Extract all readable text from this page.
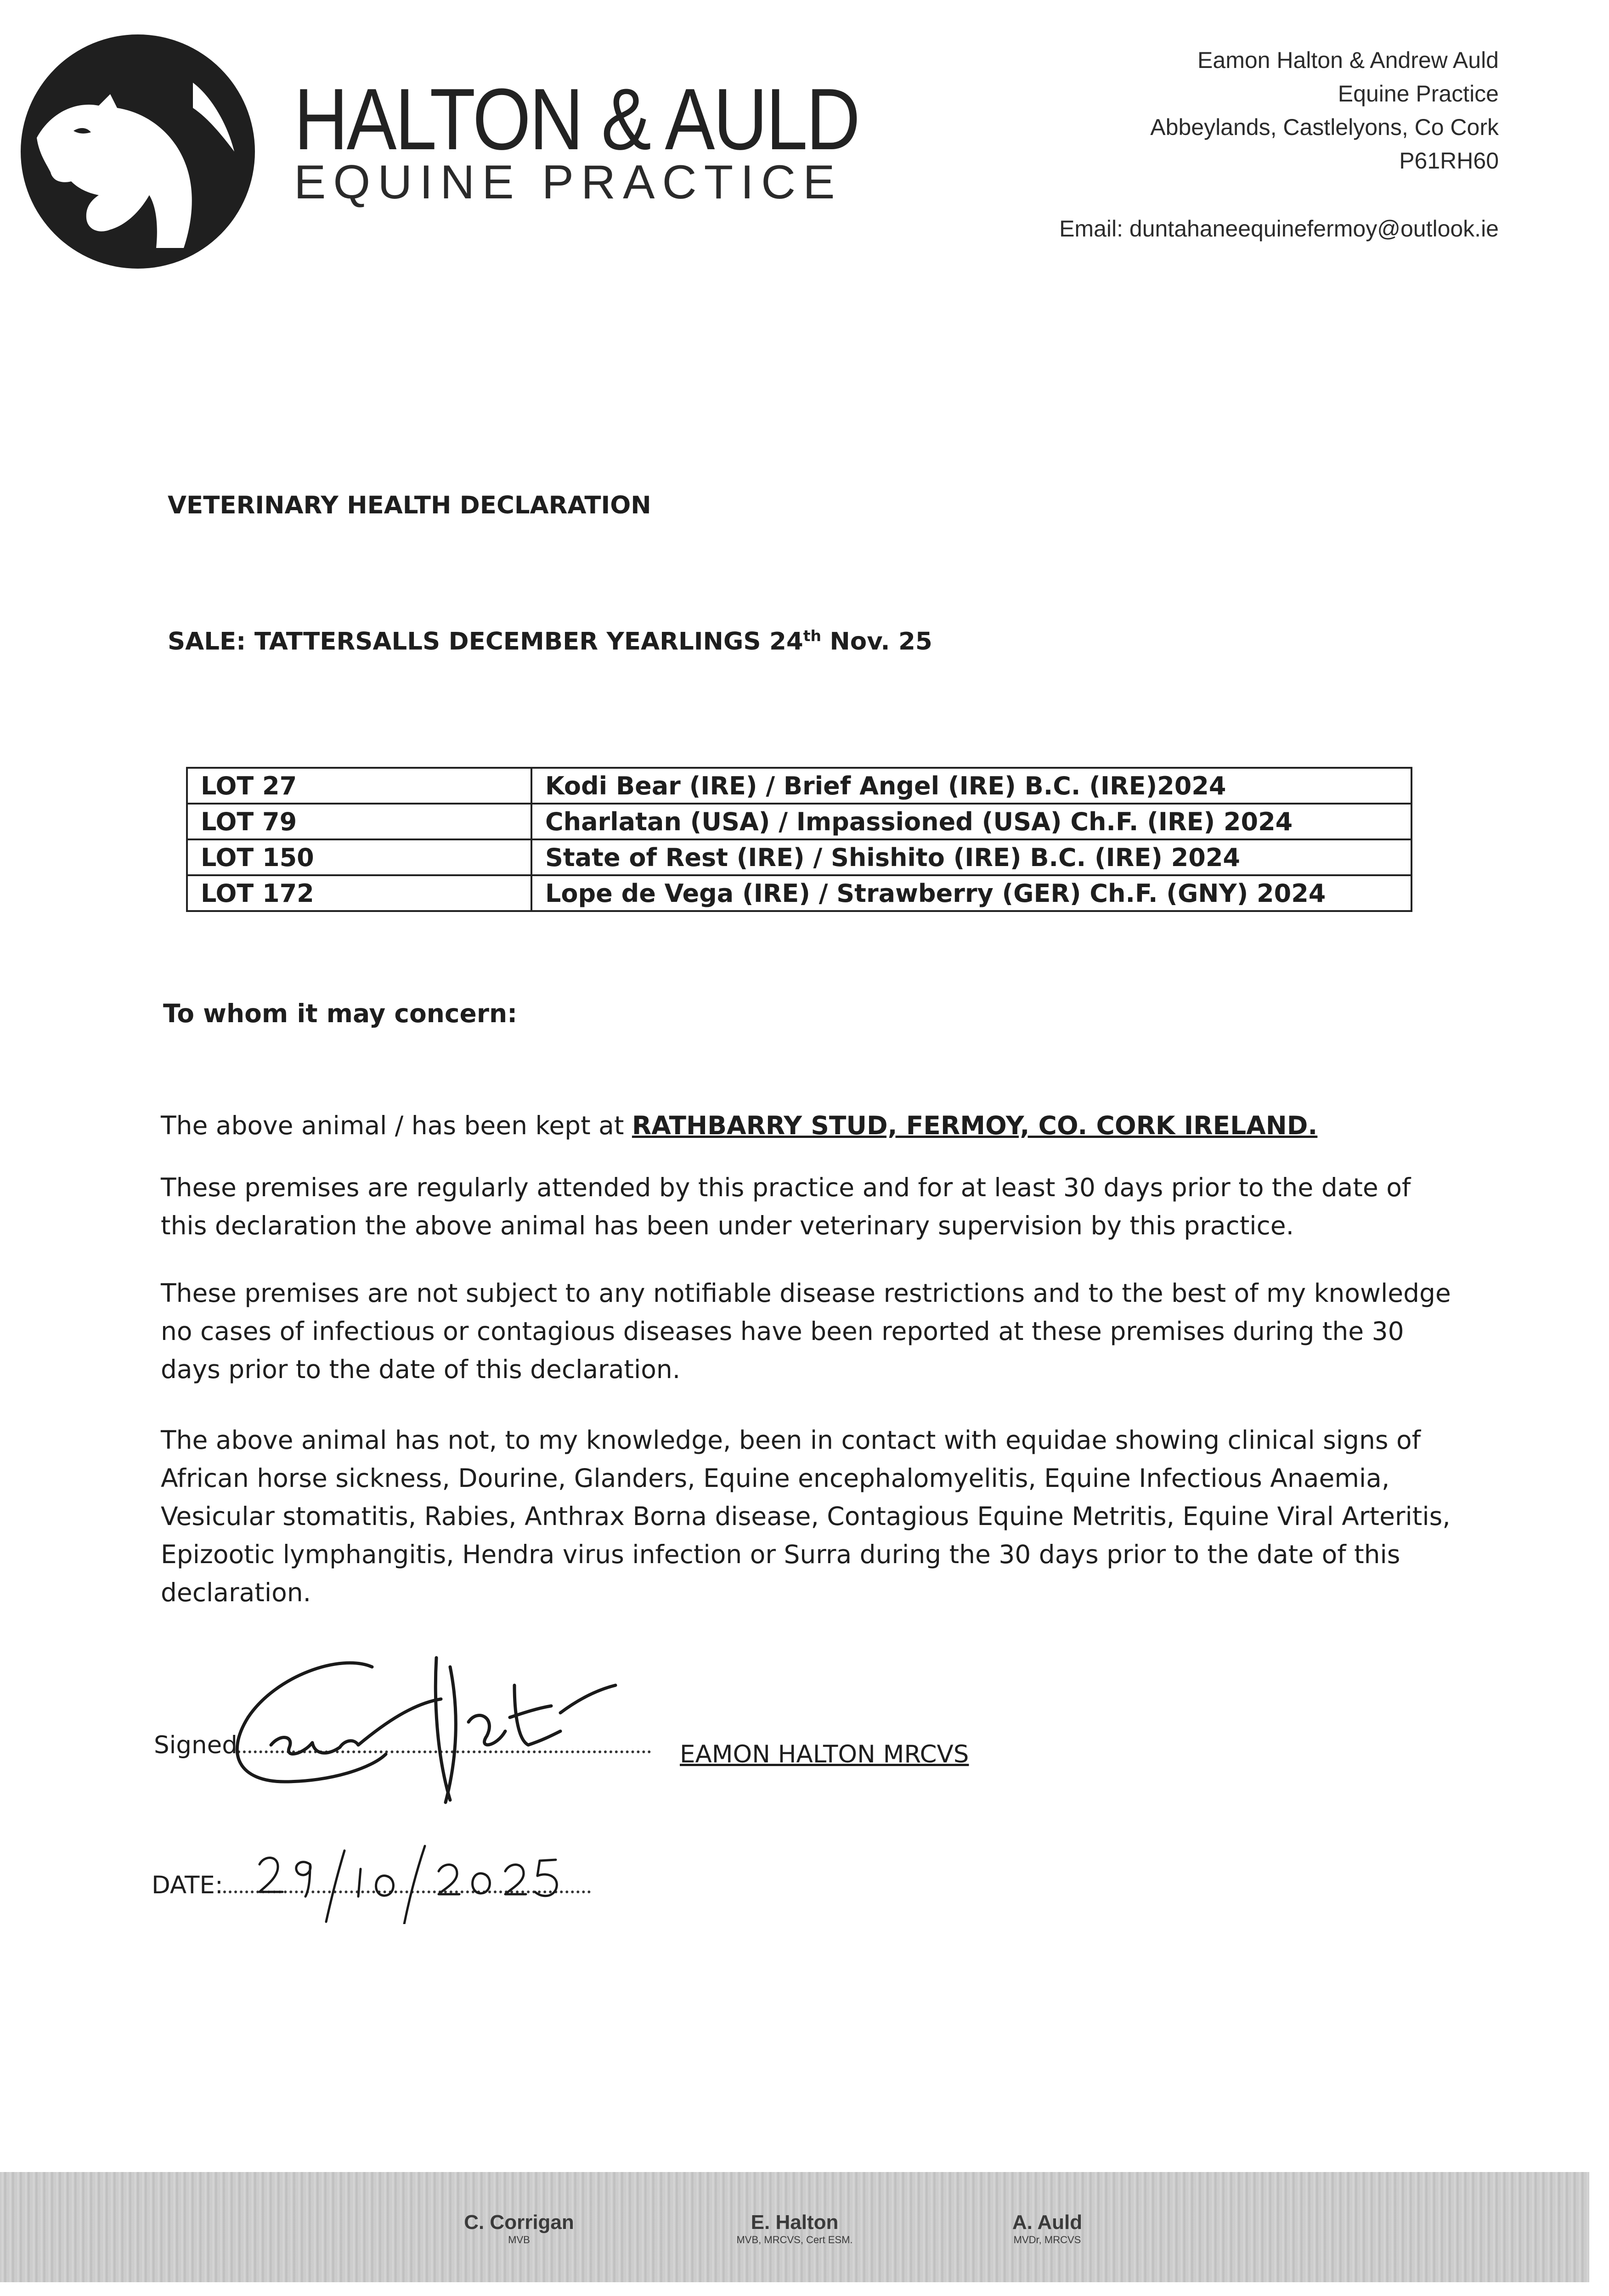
HALTON & AULD
EQUINE PRACTICE
Eamon Halton & Andrew Auld
Equine Practice
Abbeylands, Castlelyons, Co Cork
P61RH60
Email: duntahaneequinefermoy@outlook.ie
VETERINARY HEALTH DECLARATION
SALE: TATTERSALLS DECEMBER YEARLINGS 24th Nov. 25
LOT 27	Kodi Bear (IRE) / Brief Angel (IRE) B.C. (IRE)2024
LOT 79	Charlatan (USA) / Impassioned (USA) Ch.F. (IRE) 2024
LOT 150	State of Rest (IRE) / Shishito (IRE) B.C. (IRE) 2024
LOT 172	Lope de Vega (IRE) / Strawberry (GER) Ch.F. (GNY) 2024
To whom it may concern:
The above animal / has been kept at RATHBARRY STUD, FERMOY, CO. CORK IRELAND.
These premises are regularly attended by this practice and for at least 30 days prior to the date of this declaration the above animal has been under veterinary supervision by this practice.
These premises are not subject to any notifiable disease restrictions and to the best of my knowledge no cases of infectious or contagious diseases have been reported at these premises during the 30 days prior to the date of this declaration.
The above animal has not, to my knowledge, been in contact with equidae showing clinical signs of African horse sickness, Dourine, Glanders, Equine encephalomyelitis, Equine Infectious Anaemia, Vesicular stomatitis, Rabies, Anthrax Borna disease, Contagious Equine Metritis, Equine Viral Arteritis, Epizootic lymphangitis, Hendra virus infection or Surra during the 30 days prior to the date of this declaration.
Signed	EAMON HALTON MRCVS
DATE:
C. Corrigan
MVB
E. Halton
MVB, MRCVS, Cert ESM.
A. Auld
MVDr, MRCVS
